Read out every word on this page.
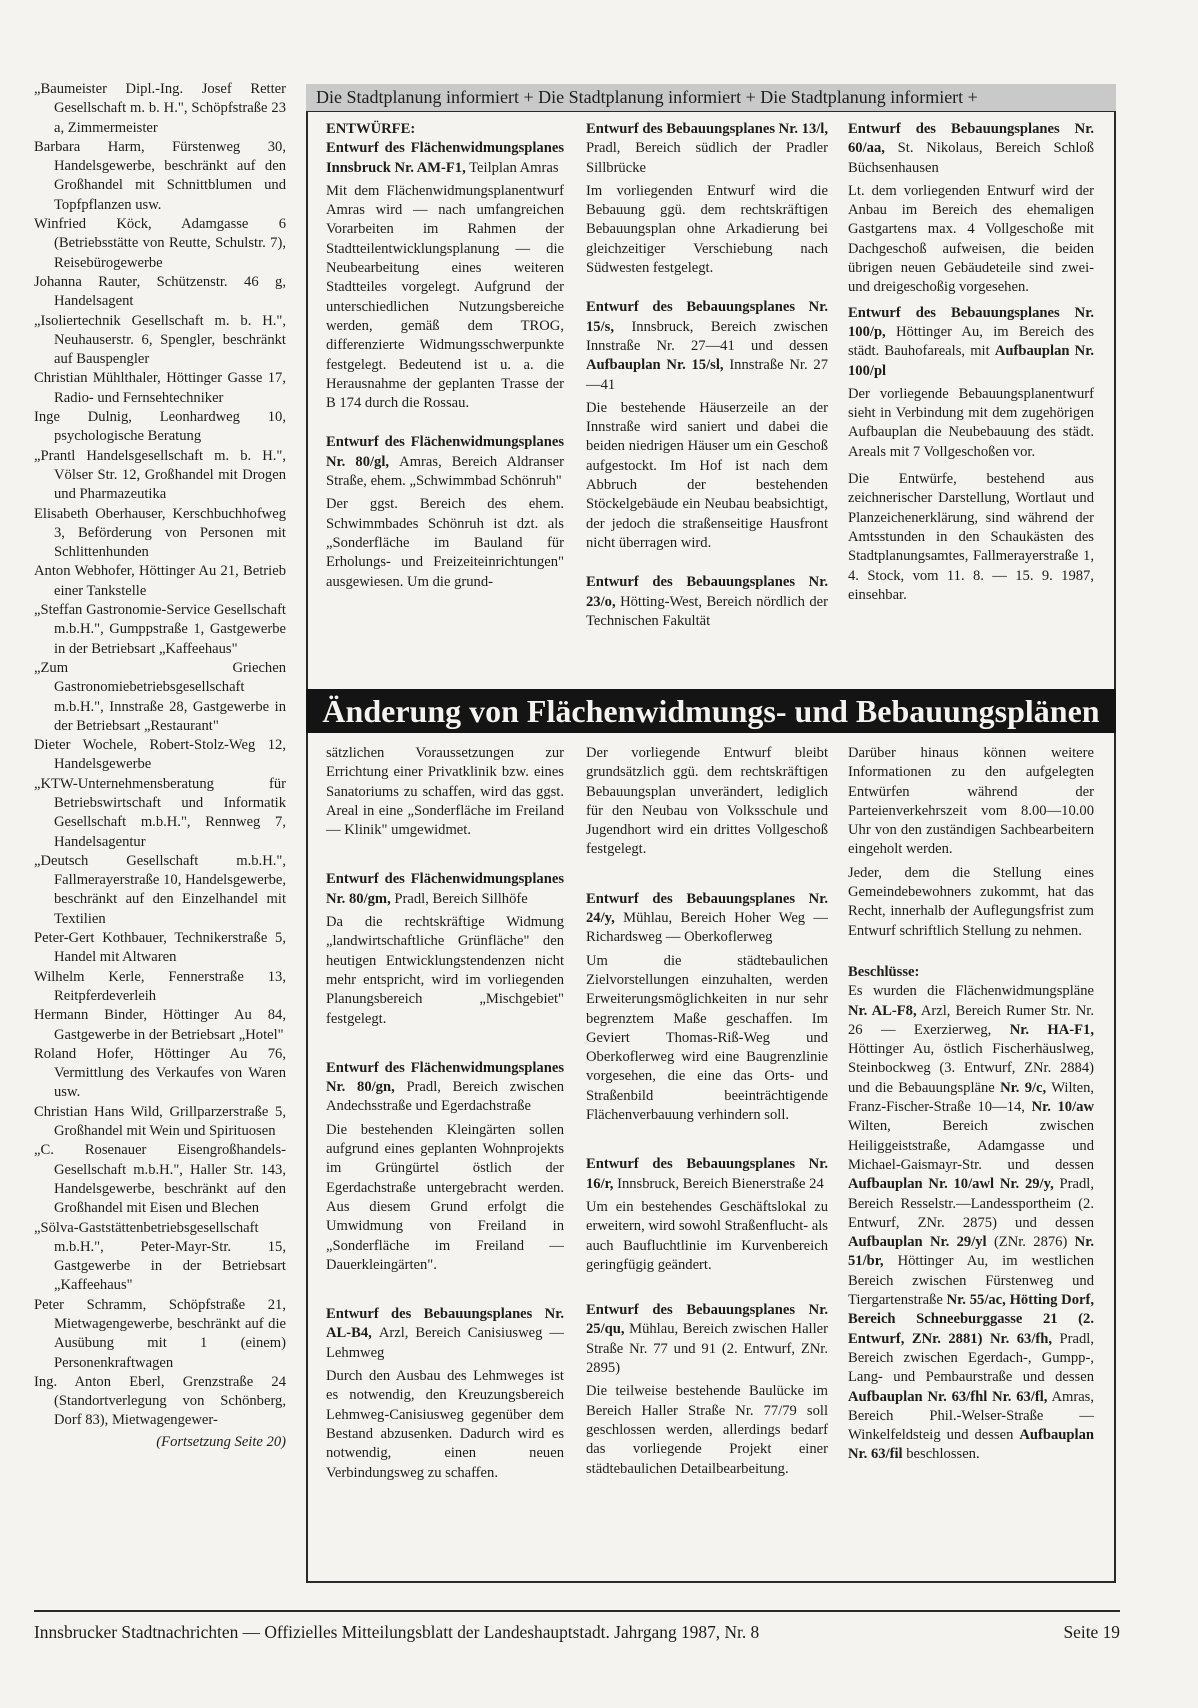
„Baumeister Dipl.-Ing. Josef Retter Gesellschaft m. b. H.", Schöpfstraße 23 a, Zimmermeister

Barbara Harm, Fürstenweg 30, Handelsgewerbe, beschränkt auf den Großhandel mit Schnittblumen und Topfpflanzen usw.

Winfried Köck, Adamgasse 6 (Betriebsstätte von Reutte, Schulstr. 7), Reisebürogewerbe

Johanna Rauter, Schützenstr. 46 g, Handelsagent

„Isoliertechnik Gesellschaft m. b. H.", Neuhauserstr. 6, Spengler, beschränkt auf Bauspengler

Christian Mühlthaler, Höttinger Gasse 17, Radio- und Fernsehtechniker

Inge Dulnig, Leonhardweg 10, psychologische Beratung

„Prantl Handelsgesellschaft m. b. H.", Völser Str. 12, Großhandel mit Drogen und Pharmazeutika

Elisabeth Oberhauser, Kerschbuchhofweg 3, Beförderung von Personen mit Schlittenhunden

Anton Webhofer, Höttinger Au 21, Betrieb einer Tankstelle

„Steffan Gastronomie-Service Gesellschaft m.b.H.", Gumppstraße 1, Gastgewerbe in der Betriebsart „Kaffeehaus"

„Zum Griechen Gastronomiebetriebsgesellschaft m.b.H.", Innstraße 28, Gastgewerbe in der Betriebsart „Restaurant"

Dieter Wochele, Robert-Stolz-Weg 12, Handelsgewerbe

„KTW-Unternehmensberatung für Betriebswirtschaft und Informatik Gesellschaft m.b.H.", Rennweg 7, Handelsagentur

„Deutsch Gesellschaft m.b.H.", Fallmerayerstraße 10, Handelsgewerbe, beschränkt auf den Einzelhandel mit Textilien

Peter-Gert Kothbauer, Technikerstraße 5, Handel mit Altwaren

Wilhelm Kerle, Fennerstraße 13, Reitpferdeverleih

Hermann Binder, Höttinger Au 84, Gastgewerbe in der Betriebsart „Hotel"

Roland Hofer, Höttinger Au 76, Vermittlung des Verkaufes von Waren usw.

Christian Hans Wild, Grillparzerstraße 5, Großhandel mit Wein und Spirituosen

„C. Rosenauer Eisengroßhandels-Gesellschaft m.b.H.", Haller Str. 143, Handelsgewerbe, beschränkt auf den Großhandel mit Eisen und Blechen

„Sölva-Gaststättenbetriebsgesellschaft m.b.H.", Peter-Mayr-Str. 15, Gastgewerbe in der Betriebsart „Kaffeehaus"

Peter Schramm, Schöpfstraße 21, Mietwagengewerbe, beschränkt auf die Ausübung mit 1 (einem) Personenkraftwagen

Ing. Anton Eberl, Grenzstraße 24 (Standortverlegung von Schönberg, Dorf 83), Mietwagengewer-

(Fortsetzung Seite 20)

Die Stadtplanung informiert + Die Stadtplanung informiert + Die Stadtplanung informiert +

ENTWÜRFE:

Entwurf des Flächenwidmungsplanes Innsbruck Nr. AM-F1, Teilplan Amras

Mit dem Flächenwidmungsplanentwurf Amras wird — nach umfangreichen Vorarbeiten im Rahmen der Stadtteilentwicklungsplanung — die Neubearbeitung eines weiteren Stadtteiles vorgelegt. Aufgrund der unterschiedlichen Nutzungsbereiche werden, gemäß dem TROG, differenzierte Widmungsschwerpunkte festgelegt. Bedeutend ist u. a. die Herausnahme der geplanten Trasse der B 174 durch die Rossau.

Entwurf des Flächenwidmungsplanes Nr. 80/gl, Amras, Bereich Aldranser Straße, ehem. „Schwimmbad Schönruh"

Der ggst. Bereich des ehem. Schwimmbades Schönruh ist dzt. als „Sonderfläche im Bauland für Erholungs- und Freizeiteinrichtungen" ausgewiesen. Um die grund-

Entwurf des Bebauungsplanes Nr. 13/l, Pradl, Bereich südlich der Pradler Sillbrücke

Im vorliegenden Entwurf wird die Bebauung ggü. dem rechtskräftigen Bebauungsplan ohne Arkadierung bei gleichzeitiger Verschiebung nach Südwesten festgelegt.

Entwurf des Bebauungsplanes Nr. 15/s, Innsbruck, Bereich zwischen Innstraße Nr. 27—41 und dessen Aufbauplan Nr. 15/sl, Innstraße Nr. 27—41

Die bestehende Häuserzeile an der Innstraße wird saniert und dabei die beiden niedrigen Häuser um ein Geschoß aufgestockt. Im Hof ist nach dem Abbruch der bestehenden Stöckelgebäude ein Neubau beabsichtigt, der jedoch die straßenseitige Hausfront nicht überragen wird.

Entwurf des Bebauungsplanes Nr. 23/o, Hötting-West, Bereich nördlich der Technischen Fakultät

Entwurf des Bebauungsplanes Nr. 60/aa, St. Nikolaus, Bereich Schloß Büchsenhausen

Lt. dem vorliegenden Entwurf wird der Anbau im Bereich des ehemaligen Gastgartens max. 4 Vollgeschoße mit Dachgeschoß aufweisen, die beiden übrigen neuen Gebäudeteile sind zwei- und dreigeschoßig vorgesehen.

Entwurf des Bebauungsplanes Nr. 100/p, Höttinger Au, im Bereich des städt. Bauhofareals, mit Aufbauplan Nr. 100/pl

Der vorliegende Bebauungsplanentwurf sieht in Verbindung mit dem zugehörigen Aufbauplan die Neubebauung des städt. Areals mit 7 Vollgeschoßen vor.

Die Entwürfe, bestehend aus zeichnerischer Darstellung, Wortlaut und Planzeichenerklärung, sind während der Amtsstunden in den Schaukästen des Stadtplanungsamtes, Fallmerayerstraße 1, 4. Stock, vom 11. 8. — 15. 9. 1987, einsehbar.

Änderung von Flächenwidmungs- und Bebauungsplänen

sätzlichen Voraussetzungen zur Errichtung einer Privatklinik bzw. eines Sanatoriums zu schaffen, wird das ggst. Areal in eine „Sonderfläche im Freiland — Klinik" umgewidmet.

Entwurf des Flächenwidmungsplanes Nr. 80/gm, Pradl, Bereich Sillhöfe

Da die rechtskräftige Widmung „landwirtschaftliche Grünfläche" den heutigen Entwicklungstendenzen nicht mehr entspricht, wird im vorliegenden Planungsbereich „Mischgebiet" festgelegt.

Entwurf des Flächenwidmungsplanes Nr. 80/gn, Pradl, Bereich zwischen Andechsstraße und Egerdachstraße

Die bestehenden Kleingärten sollen aufgrund eines geplanten Wohnprojekts im Grüngürtel östlich der Egerdachstraße untergebracht werden. Aus diesem Grund erfolgt die Umwidmung von Freiland in „Sonderfläche im Freiland — Dauerkleingärten".

Entwurf des Bebauungsplanes Nr. AL-B4, Arzl, Bereich Canisiusweg — Lehmweg

Durch den Ausbau des Lehmweges ist es notwendig, den Kreuzungsbereich Lehmweg-Canisiusweg gegenüber dem Bestand abzusenken. Dadurch wird es notwendig, einen neuen Verbindungsweg zu schaffen.

Der vorliegende Entwurf bleibt grundsätzlich ggü. dem rechtskräftigen Bebauungsplan unverändert, lediglich für den Neubau von Volksschule und Jugendhort wird ein drittes Vollgeschoß festgelegt.

Entwurf des Bebauungsplanes Nr. 24/y, Mühlau, Bereich Hoher Weg — Richardsweg — Oberkoflerweg

Um die städtebaulichen Zielvorstellungen einzuhalten, werden Erweiterungsmöglichkeiten in nur sehr begrenztem Maße geschaffen. Im Geviert Thomas-Riß-Weg und Oberkoflerweg wird eine Baugrenzlinie vorgesehen, die eine das Orts- und Straßenbild beeinträchtigende Flächenverbauung verhindern soll.

Entwurf des Bebauungsplanes Nr. 16/r, Innsbruck, Bereich Bienerstraße 24

Um ein bestehendes Geschäftslokal zu erweitern, wird sowohl Straßenflucht- als auch Baufluchtlinie im Kurvenbereich geringfügig geändert.

Entwurf des Bebauungsplanes Nr. 25/qu, Mühlau, Bereich zwischen Haller Straße Nr. 77 und 91 (2. Entwurf, ZNr. 2895)

Die teilweise bestehende Baulücke im Bereich Haller Straße Nr. 77/79 soll geschlossen werden, allerdings bedarf das vorliegende Projekt einer städtebaulichen Detailbearbeitung.

Darüber hinaus können weitere Informationen zu den aufgelegten Entwürfen während der Parteienverkehrszeit vom 8.00—10.00 Uhr von den zuständigen Sachbearbeitern eingeholt werden.

Jeder, dem die Stellung eines Gemeindebewohners zukommt, hat das Recht, innerhalb der Auflegungsfrist zum Entwurf schriftlich Stellung zu nehmen.

Beschlüsse:

Es wurden die Flächenwidmungspläne Nr. AL-F8, Arzl, Bereich Rumer Str. Nr. 26 — Exerzierweg, Nr. HA-F1, Höttinger Au, östlich Fischerhäuslweg, Steinbockweg (3. Entwurf, ZNr. 2884) und die Bebauungspläne Nr. 9/c, Wilten, Franz-Fischer-Straße 10—14, Nr. 10/aw Wilten, Bereich zwischen Heiliggeiststraße, Adamgasse und Michael-Gaismayr-Str. und dessen Aufbauplan Nr. 10/awl Nr. 29/y, Pradl, Bereich Resselstr.—Landessportheim (2. Entwurf, ZNr. 2875) und dessen Aufbauplan Nr. 29/yl (ZNr. 2876) Nr. 51/br, Höttinger Au, im westlichen Bereich zwischen Fürstenweg und Tiergartenstraße Nr. 55/ac, Hötting Dorf, Bereich Schneeburggasse 21 (2. Entwurf, ZNr. 2881) Nr. 63/fh, Pradl, Bereich zwischen Egerdach-, Gumpp-, Lang- und Pembaurstraße und dessen Aufbauplan Nr. 63/fhl Nr. 63/fl, Amras, Bereich Phil.-Welser-Straße — Winkelfeldsteig und dessen Aufbauplan Nr. 63/fil beschlossen.

Innsbrucker Stadtnachrichten — Offizielles Mitteilungsblatt der Landeshauptstadt. Jahrgang 1987, Nr. 8	Seite 19
